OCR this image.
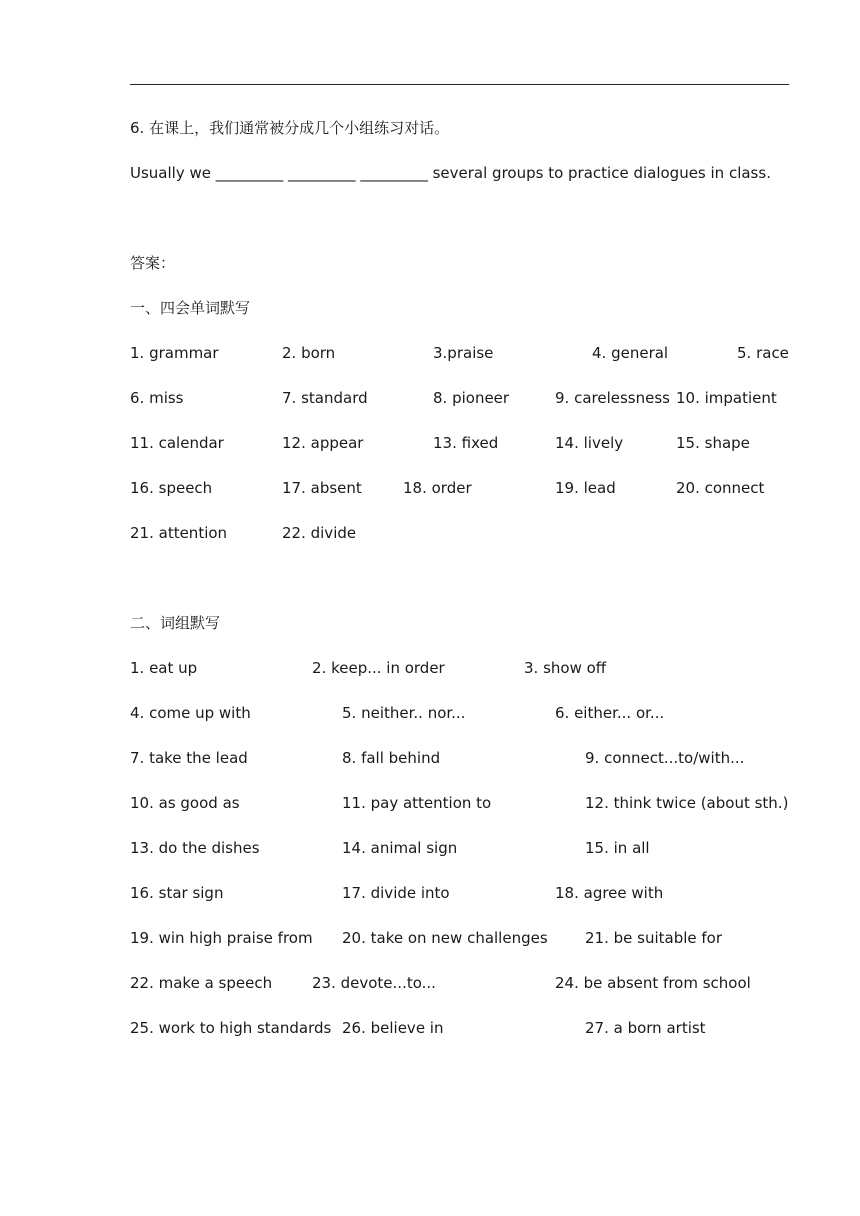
6. 在课上，我们通常被分成几个小组练习对话。
Usually we _________ _________ _________ several groups to practice dialogues in class.
答案：
一、四会单词默写
1. grammar	2. born	3.praise	4. general	5. race
6. miss	7. standard	8. pioneer	9. carelessness 10. impatient
11. calendar	12. appear	13. fixed	14. lively	15. shape
16. speech	17. absent	18. order	19. lead	20. connect
21. attention	22. divide
二、词组默写
1. eat up	2. keep... in order	3. show off
4. come up with	5. neither.. nor...	6. either... or...
7. take the lead	8. fall behind	9. connect...to/with...
10. as good as	11. pay attention to	12. think twice (about sth.)
13. do the dishes	14. animal sign	15. in all
16. star sign	17. divide into	18. agree with
19. win high praise from 20. take on new challenges 21. be suitable for
22. make a speech	23. devote...to...	24. be absent from school
25. work to high standards 26. believe in	27. a born artist
